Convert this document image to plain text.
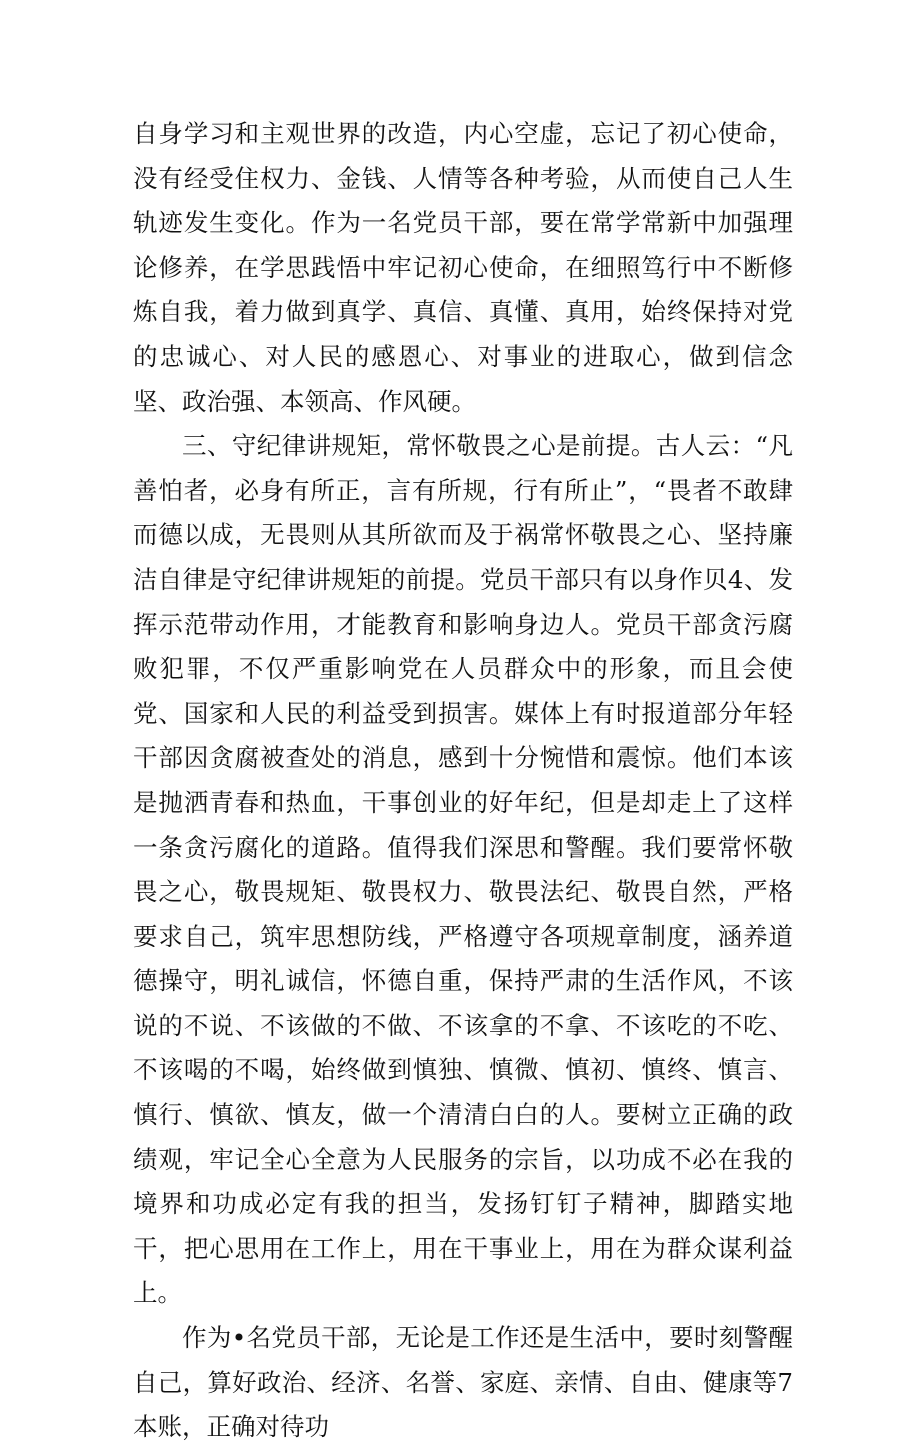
自身学习和主观世界的改造，内心空虚，忘记了初心使命，没有经受住权力、金钱、人情等各种考验，从而使自己人生轨迹发生变化。作为一名党员干部，要在常学常新中加强理论修养，在学思践悟中牢记初心使命，在细照笃行中不断修炼自我，着力做到真学、真信、真懂、真用，始终保持对党的忠诚心、对人民的感恩心、对事业的进取心，做到信念坚、政治强、本领高、作风硬。

三、守纪律讲规矩，常怀敬畏之心是前提。古人云：“凡善怕者，必身有所正，言有所规，行有所止”，“畏者不敢肆而德以成，无畏则从其所欲而及于祸常怀敬畏之心、坚持廉洁自律是守纪律讲规矩的前提。党员干部只有以身作贝4、发挥示范带动作用，才能教育和影响身边人。党员干部贪污腐败犯罪，不仅严重影响党在人员群众中的形象，而且会使党、国家和人民的利益受到损害。媒体上有时报道部分年轻干部因贪腐被查处的消息，感到十分惋惜和震惊。他们本该是抛洒青春和热血，干事创业的好年纪，但是却走上了这样一条贪污腐化的道路。值得我们深思和警醒。我们要常怀敬畏之心，敬畏规矩、敬畏权力、敬畏法纪、敬畏自然，严格要求自己，筑牢思想防线，严格遵守各项规章制度，涵养道德操守，明礼诚信，怀德自重，保持严肃的生活作风，不该说的不说、不该做的不做、不该拿的不拿、不该吃的不吃、不该喝的不喝，始终做到慎独、慎微、慎初、慎终、慎言、慎行、慎欲、慎友，做一个清清白白的人。要树立正确的政绩观，牢记全心全意为人民服务的宗旨，以功成不必在我的境界和功成必定有我的担当，发扬钉钉子精神，脚踏实地干，把心思用在工作上，用在干事业上，用在为群众谋利益上。

作为•名党员干部，无论是工作还是生活中，要时刻警醒自己，算好政治、经济、名誉、家庭、亲情、自由、健康等7本账，正确对待功
